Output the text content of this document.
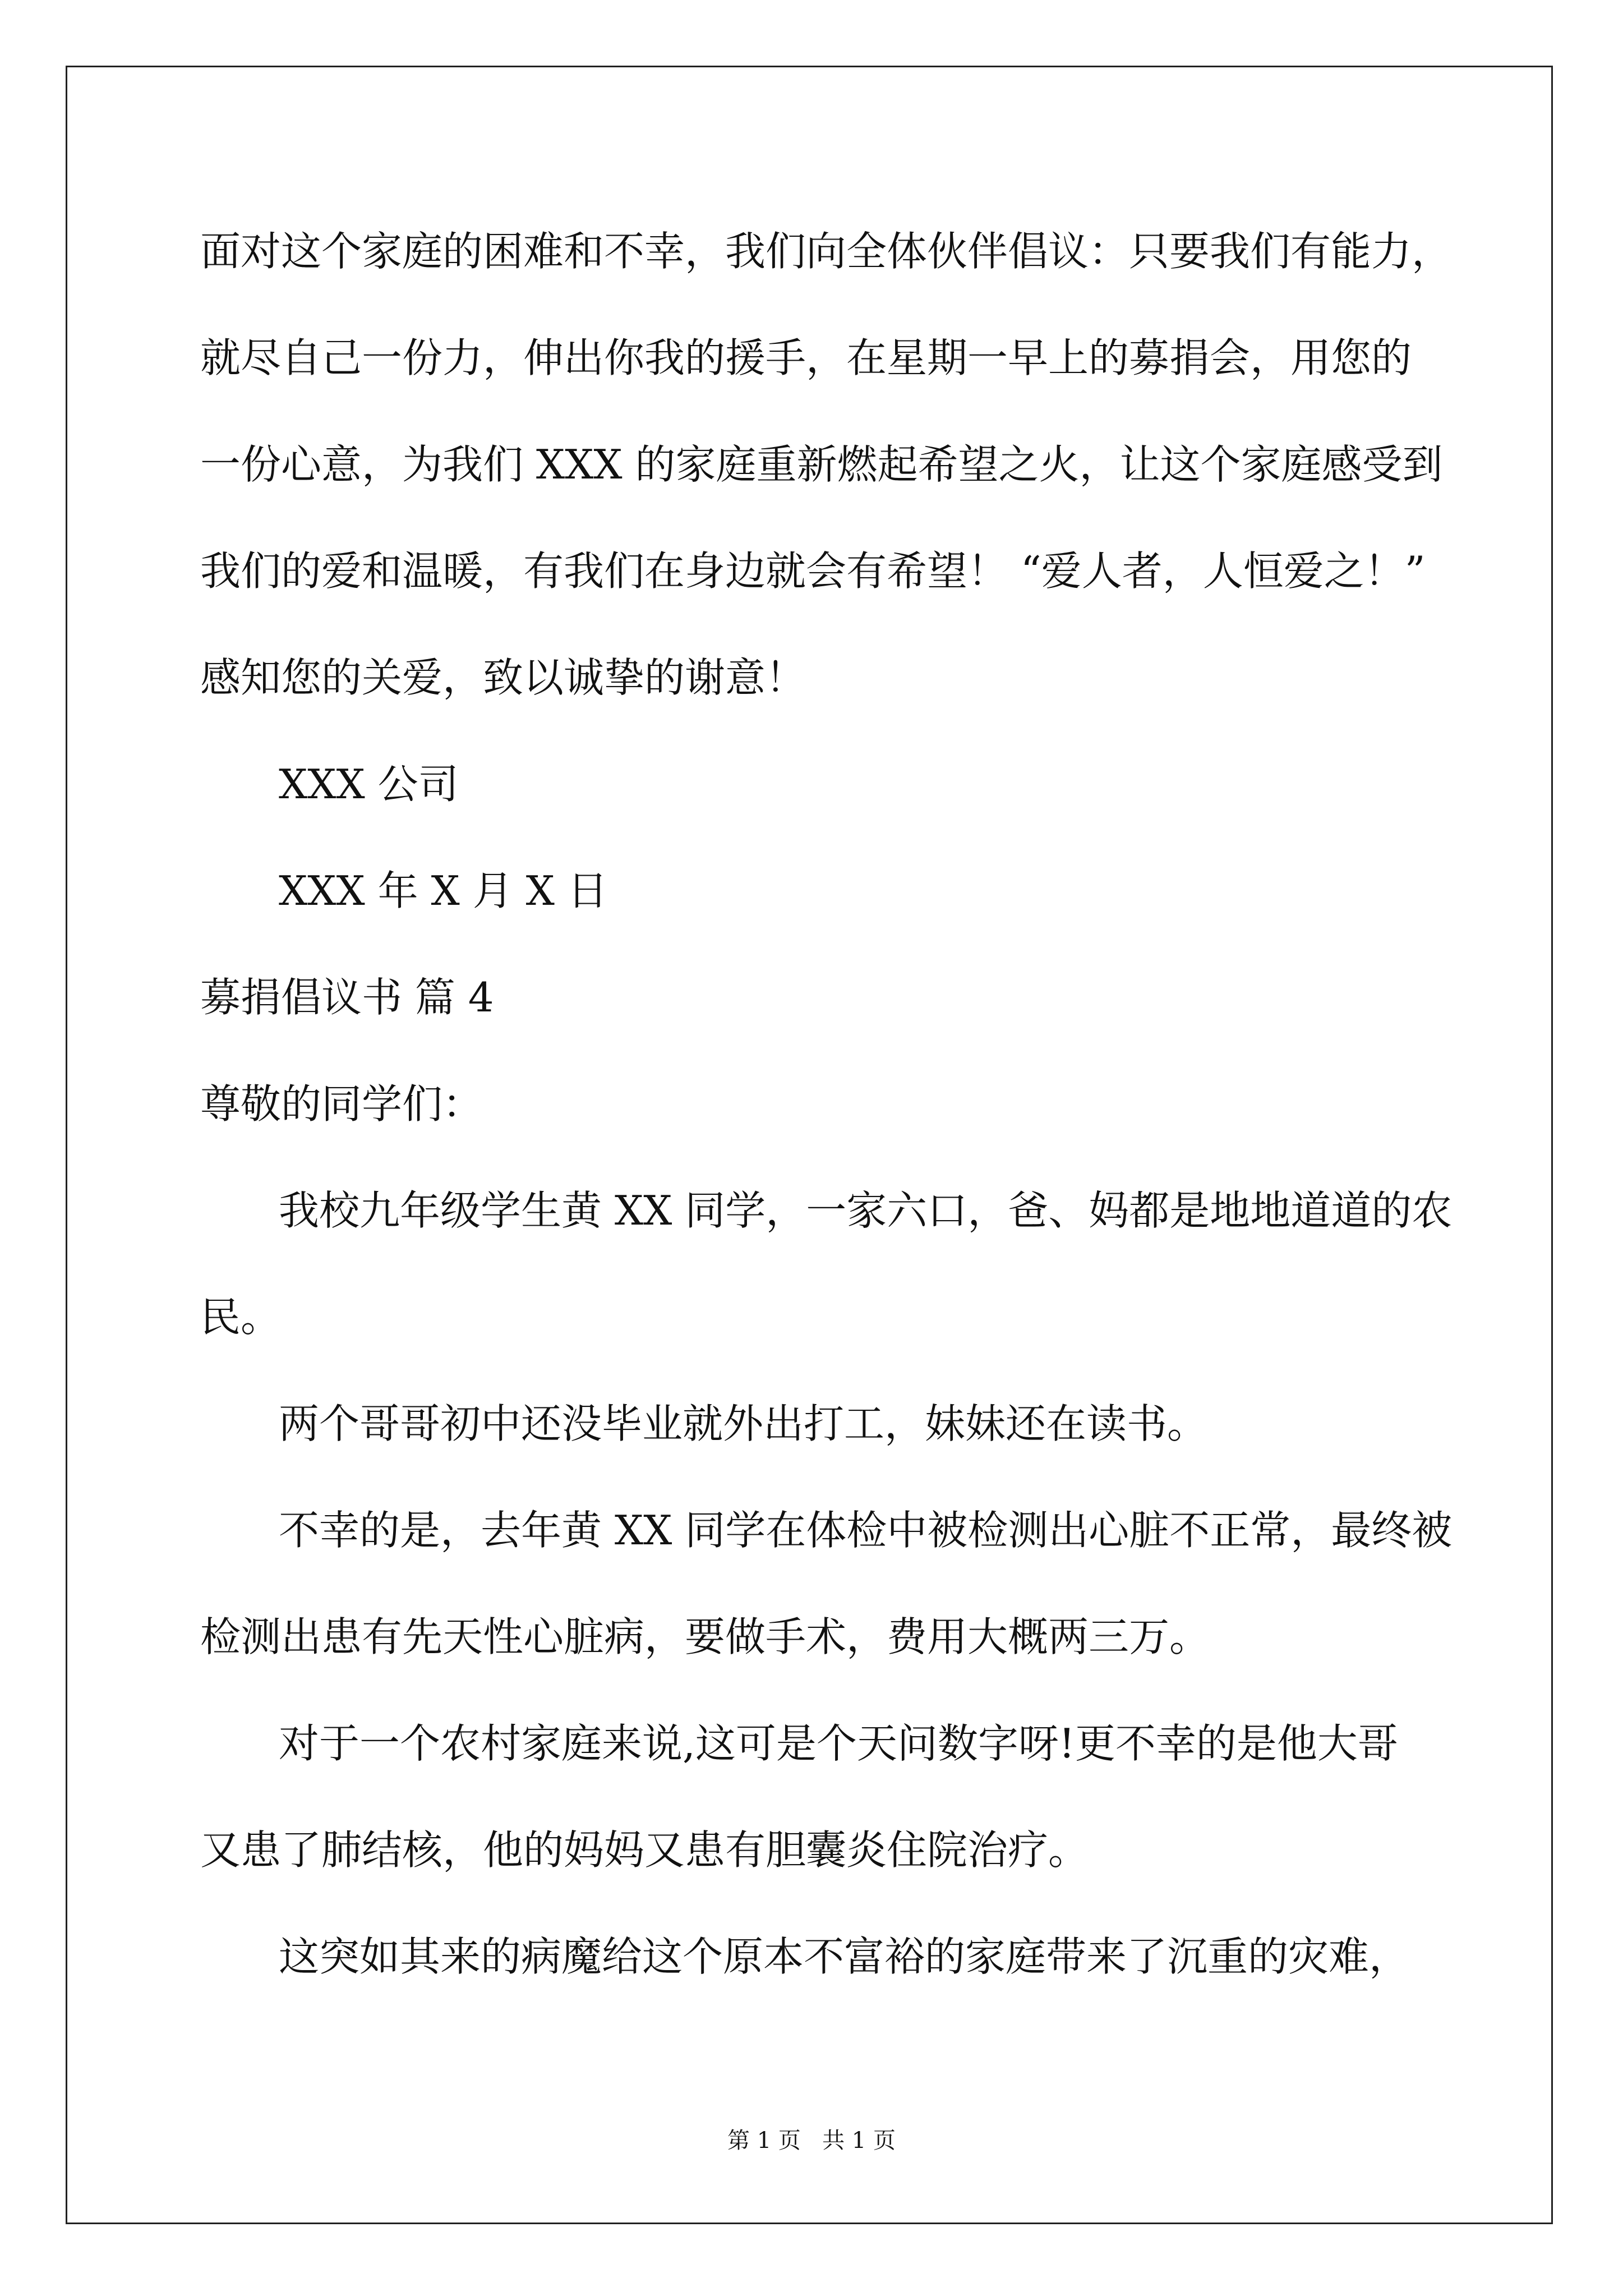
面对这个家庭的困难和不幸，我们向全体伙伴倡议：只要我们有能力，
就尽自己一份力，伸出你我的援手，在星期一早上的募捐会，用您的
一份心意，为我们 XXX 的家庭重新燃起希望之火，让这个家庭感受到
我们的爱和温暖，有我们在身边就会有希望！ “爱人者，人恒爱之！”
感知您的关爱，致以诚挚的谢意！
XXX 公司
XXX 年 X 月 X 日
募捐倡议书 篇 4
尊敬的同学们：
我校九年级学生黄 XX 同学，一家六口，爸、妈都是地地道道的农
民。
两个哥哥初中还没毕业就外出打工，妹妹还在读书。
不幸的是，去年黄 XX 同学在体检中被检测出心脏不正常，最终被
检测出患有先天性心脏病，要做手术，费用大概两三万。
对于一个农村家庭来说,这可是个天问数字呀!更不幸的是他大哥
又患了肺结核，他的妈妈又患有胆囊炎住院治疗。
这突如其来的病魔给这个原本不富裕的家庭带来了沉重的灾难，
第 1 页   共 1 页
